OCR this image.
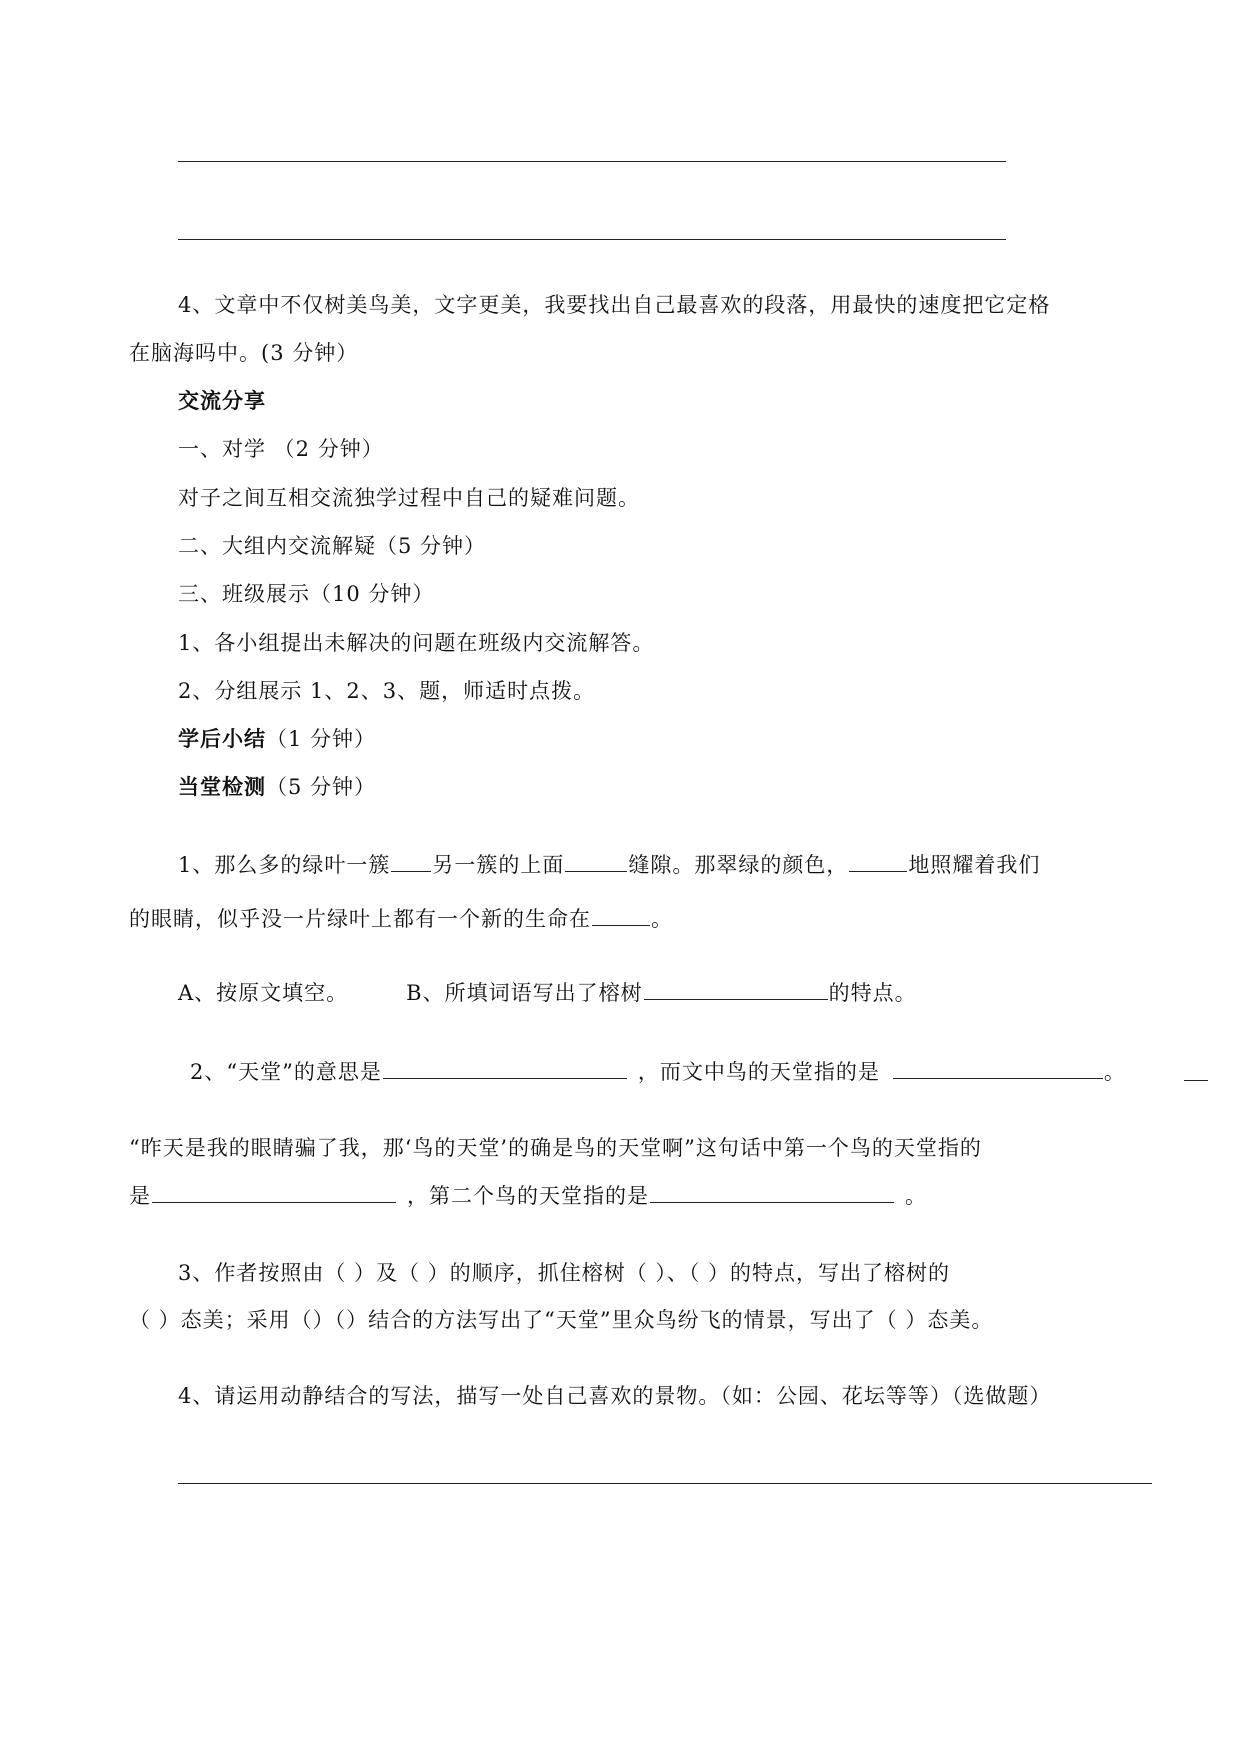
4、文章中不仅树美鸟美，文字更美，我要找出自己最喜欢的段落，用最快的速度把它定格
在脑海吗中。(3 分钟）
交流分享
一、对学 （2 分钟）
对子之间互相交流独学过程中自己的疑难问题。
二、大组内交流解疑（5 分钟）
三、班级展示（10 分钟）
1、各小组提出未解决的问题在班级内交流解答。
2、分组展示 1、2、3、题，师适时点拨。
学后小结（1 分钟）
当堂检测（5 分钟）
1、那么多的绿叶一簇 另一簇的上面	缝隙。那翠绿的颜色，	地照耀着我们
的眼睛，似乎没一片绿叶上都有一个新的生命在	。
A、按原文填空。	B、所填词语写出了榕树	的特点。
2、“天堂”的意思是	，而文中鸟的天堂指的是	。
“昨天是我的眼睛骗了我，那‘鸟的天堂’的确是鸟的天堂啊”这句话中第一个鸟的天堂指的
是	，第二个鸟的天堂指的是	。
3、作者按照由（ ）及（ ）的顺序，抓住榕树（ ）、（ ）的特点，写出了榕树的
（ ）态美；采用（）（）结合的方法写出了“天堂”里众鸟纷飞的情景，写出了（ ）态美。
4、请运用动静结合的写法，描写一处自己喜欢的景物。（如：公园、花坛等等）（选做题）
